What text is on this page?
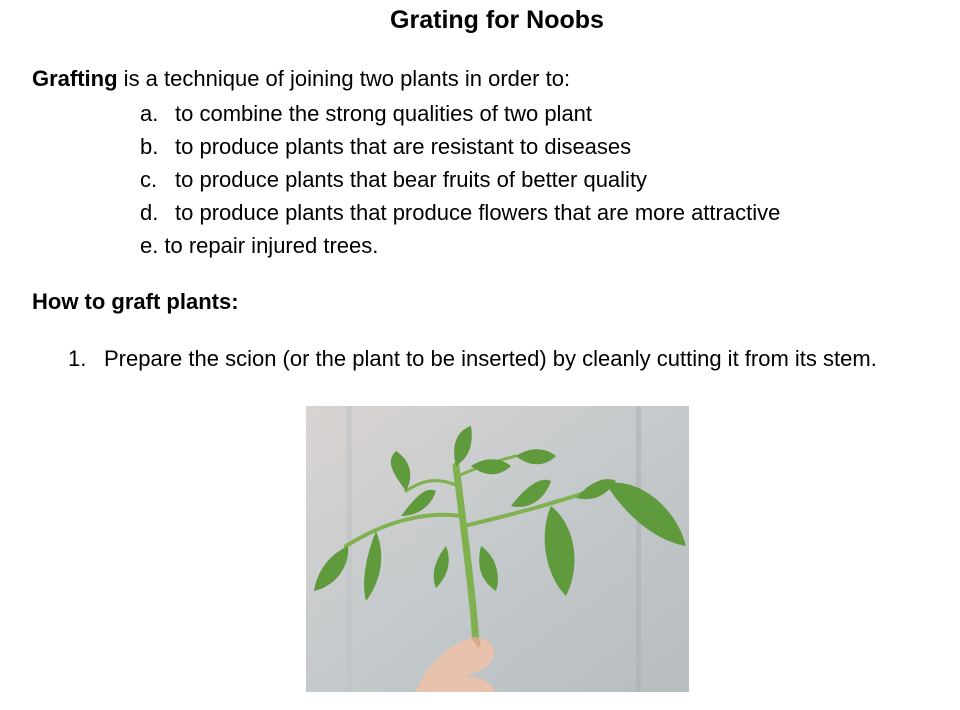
Grating for Noobs
Grafting is a technique of joining two plants in order to:
a. to combine the strong qualities of two plant
b. to produce plants that are resistant to diseases
c. to produce plants that bear fruits of better quality
d. to produce plants that produce flowers that are more attractive
e. to repair injured trees.
How to graft plants:
1. Prepare the scion (or the plant to be inserted) by cleanly cutting it from its stem.
